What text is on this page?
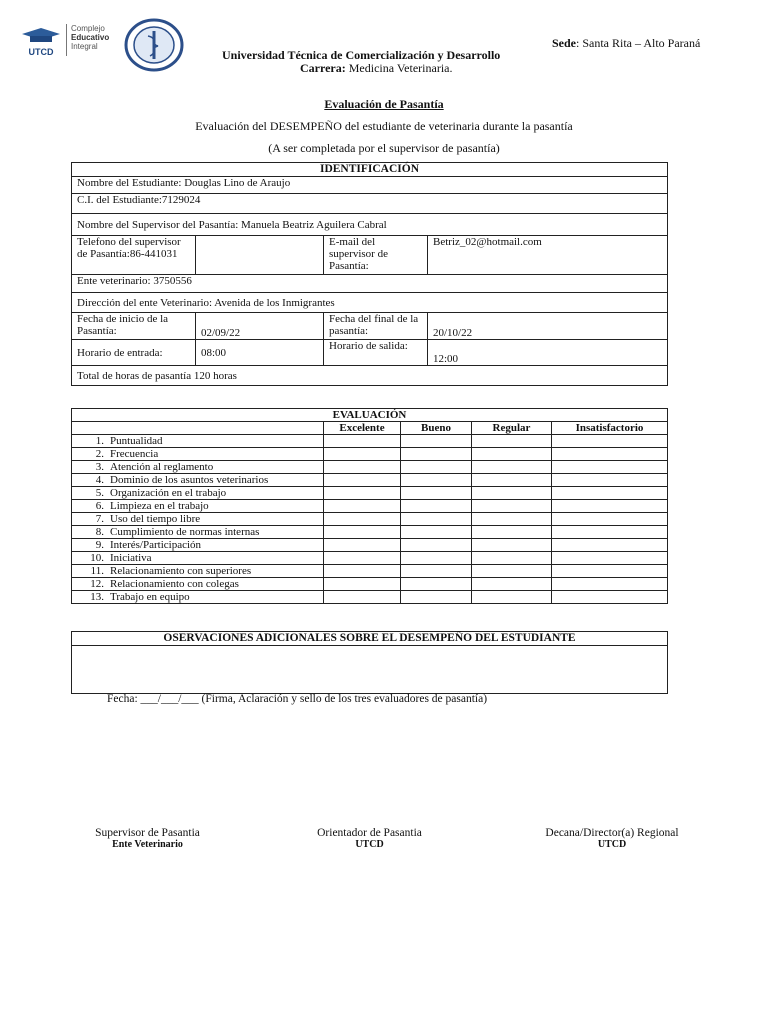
UTCD
Complejo
Educativo
Integral	Sede: Santa Rita – Alto Paraná
Universidad Técnica de Comercialización y Desarrollo
Carrera: Medicina Veterinaria.
Evaluación de Pasantía
Evaluación del DESEMPEÑO del estudiante de veterinaria durante la pasantía
(A ser completada por el supervisor de pasantía)
IDENTIFICACIÓN			
Nombre del Estudiante: Douglas Lino de Araujo			
C.I. del Estudiante:7129024			
Nombre del Supervisor del Pasantía: Manuela Beatriz Aguilera Cabral			
Telefono del supervisor de Pasantía:86-441031		E-mail del supervisor de Pasantía:	Betriz_02@hotmail.com
Ente veterinario: 3750556			
Dirección del ente Veterinario: Avenida de los Inmigrantes			
Fecha de inicio de la Pasantía:	02/09/22	Fecha del final de la pasantía:	20/10/22
Horario de entrada:	08:00	Horario de salida:	12:00
Total de horas de pasantía 120 horas			
EVALUACIÓN				
	Excelente	Bueno	Regular	Insatisfactorio
1. Puntualidad				
2. Frecuencia				
3. Atención al reglamento				
4. Dominio de los asuntos veterinarios				
5. Organización en el trabajo				
6. Limpieza en el trabajo				
7. Uso del tiempo libre				
8. Cumplimiento de normas internas				
9. Interés/Participación				
10. Iniciativa				
11. Relacionamiento con superiores				
12. Relacionamiento con colegas				
13. Trabajo en equipo				
OSERVACIONES ADICIONALES SOBRE EL DESEMPEÑO DEL ESTUDIANTE

Fecha: ___/___/___ (Firma, Aclaración y sello de los tres evaluadores de pasantía)
Supervisor de Pasantia
Ente Veterinario
Orientador de Pasantia
UTCD
Decana/Director(a) Regional
UTCD
